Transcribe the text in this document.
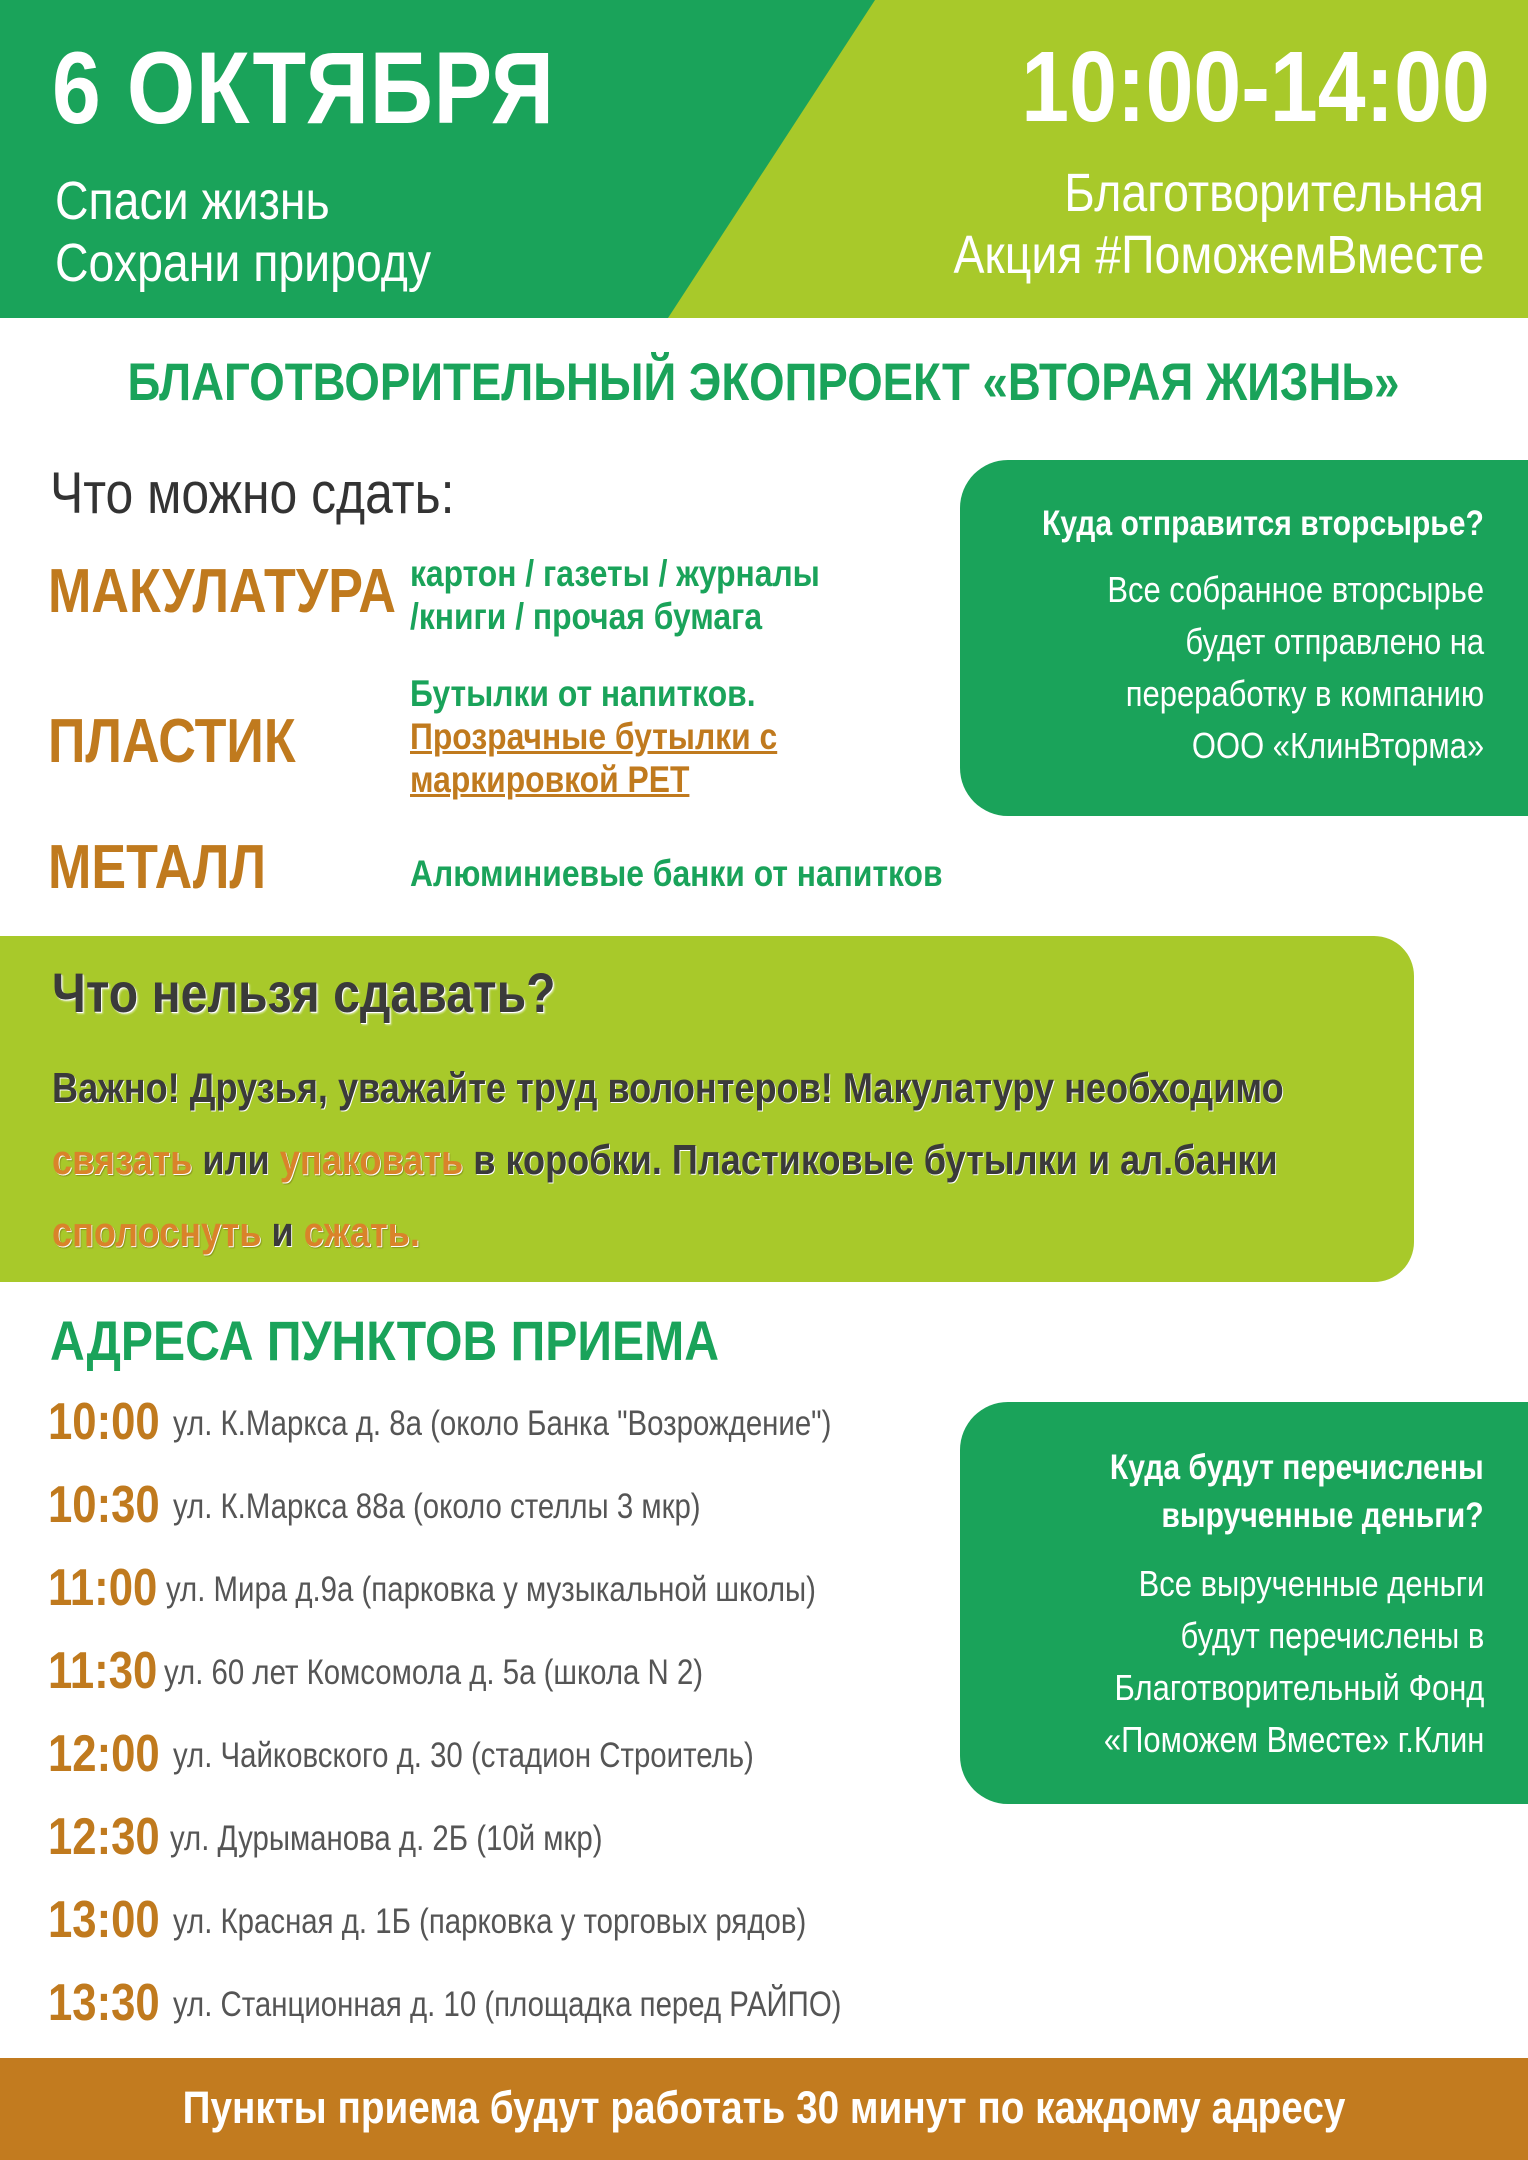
6 ОКТЯБРЯ
Спаси жизнь
Сохрани природу
10:00-14:00
Благотворительная
Акция #ПоможемВместе
БЛАГОТВОРИТЕЛЬНЫЙ ЭКОПРОЕКТ «ВТОРАЯ ЖИЗНЬ»
Что можно сдать:
МАКУЛАТУРА картон / газеты / журналы
/книги / прочая бумага
ПЛАСТИК
Бутылки от напитков.
Прозрачные бутылки с
маркировкой PET
МЕТАЛЛ	Алюминиевые банки от напитков
Куда отправится вторсырье?
Все собранное вторсырье
будет отправлено на
переработку в компанию
ООО «КлинВторма»
Что нельзя сдавать?
Важно! Друзья, уважайте труд волонтеров! Макулатуру необходимо
связать или упаковать в коробки. Пластиковые бутылки и ал.банки
сполоснуть и сжать.
АДРЕСА ПУНКТОВ ПРИЕМА
10:00 ул. К.Маркса д. 8а (около Банка "Возрождение")
10:30 ул. К.Маркса 88а (около стеллы 3 мкр)
11:00 ул. Мира д.9а (парковка у музыкальной школы)
11:30 ул. 60 лет Комсомола д. 5а (школа N 2)
12:00 ул. Чайковского д. 30 (стадион Строитель)
12:30 ул. Дурыманова д. 2Б (10й мкр)
13:00 ул. Красная д. 1Б (парковка у торговых рядов)
13:30 ул. Станционная д. 10 (площадка перед РАЙПО)
Куда будут перечислены
вырученные деньги?
Все вырученные деньги
будут перечислены в
Благотворительный Фонд
«Поможем Вместе» г.Клин
Пункты приема будут работать 30 минут по каждому адресу
